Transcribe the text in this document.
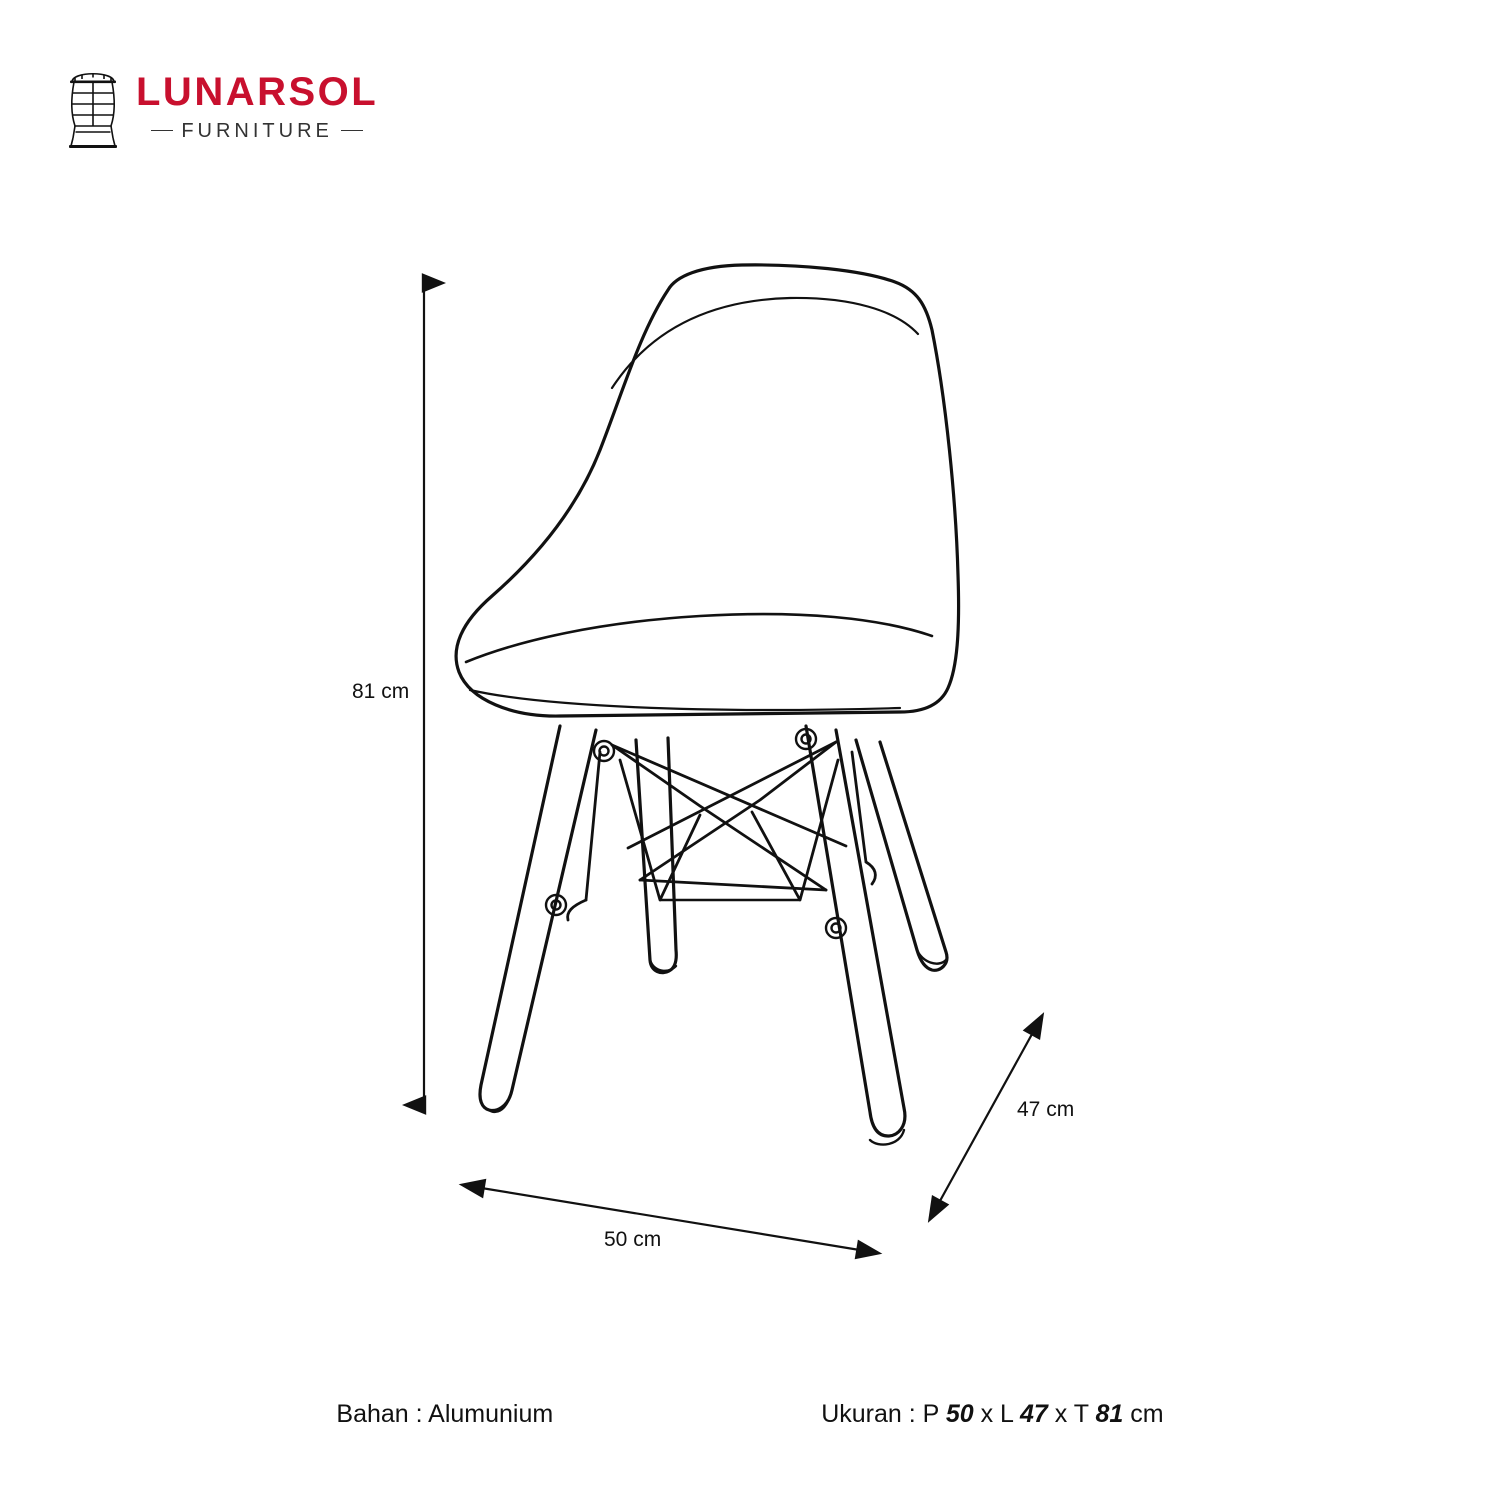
LUNARSOL
FURNITURE
81 cm
50 cm
47 cm
Bahan : Alumunium	Ukuran : P 50 x L 47 x T 81 cm
